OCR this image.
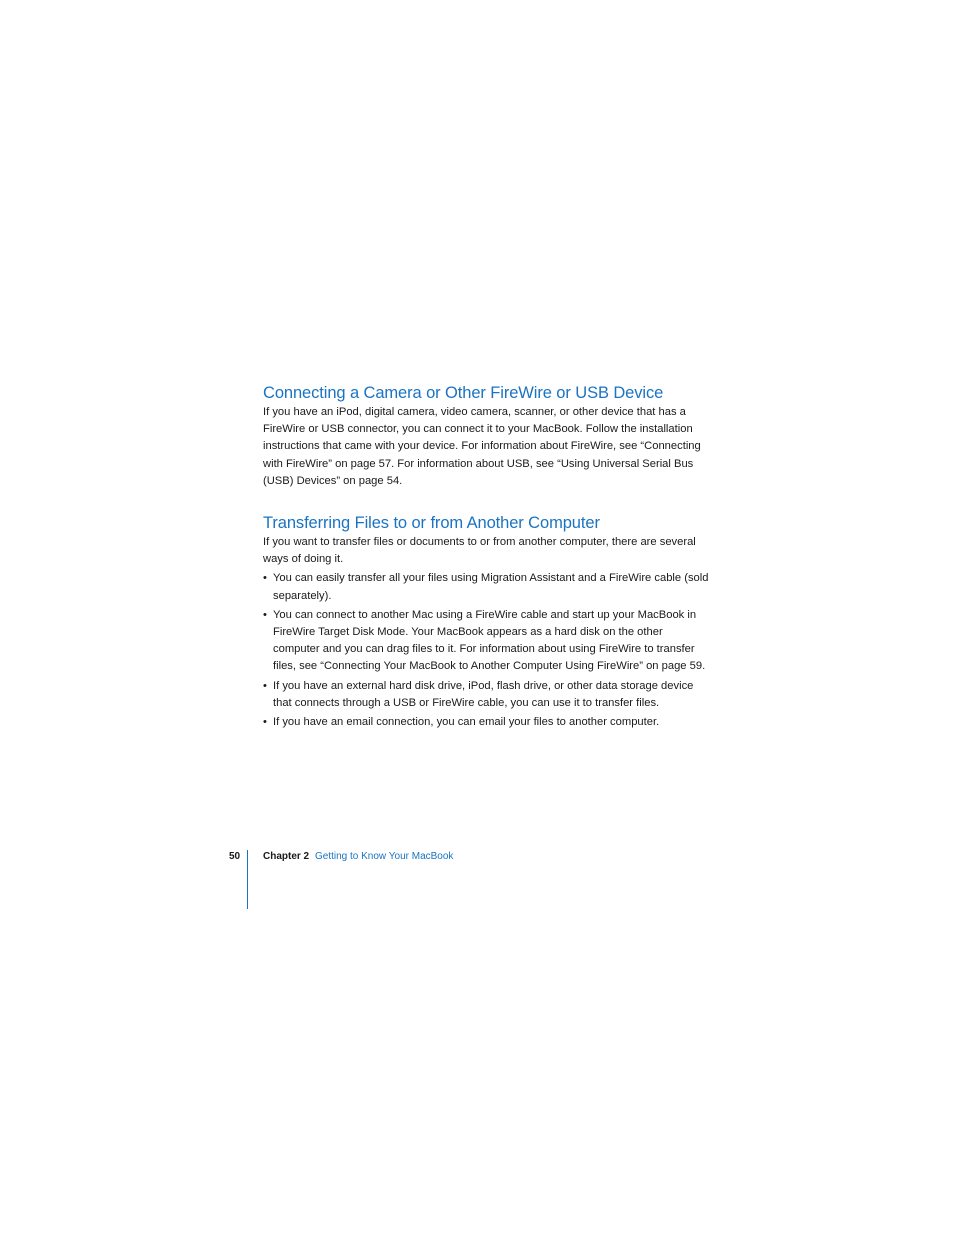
Connecting a Camera or Other FireWire or USB Device

If you have an iPod, digital camera, video camera, scanner, or other device that has a FireWire or USB connector, you can connect it to your MacBook. Follow the installation instructions that came with your device. For information about FireWire, see “Connecting with FireWire” on page 57. For information about USB, see “Using Universal Serial Bus (USB) Devices” on page 54.

Transferring Files to or from Another Computer

If you want to transfer files or documents to or from another computer, there are several ways of doing it.

• You can easily transfer all your files using Migration Assistant and a FireWire cable (sold separately).
• You can connect to another Mac using a FireWire cable and start up your MacBook in FireWire Target Disk Mode. Your MacBook appears as a hard disk on the other computer and you can drag files to it. For information about using FireWire to transfer files, see “Connecting Your MacBook to Another Computer Using FireWire” on page 59.
• If you have an external hard disk drive, iPod, flash drive, or other data storage device that connects through a USB or FireWire cable, you can use it to transfer files.
• If you have an email connection, you can email your files to another computer.
50 Chapter 2 Getting to Know Your MacBook
